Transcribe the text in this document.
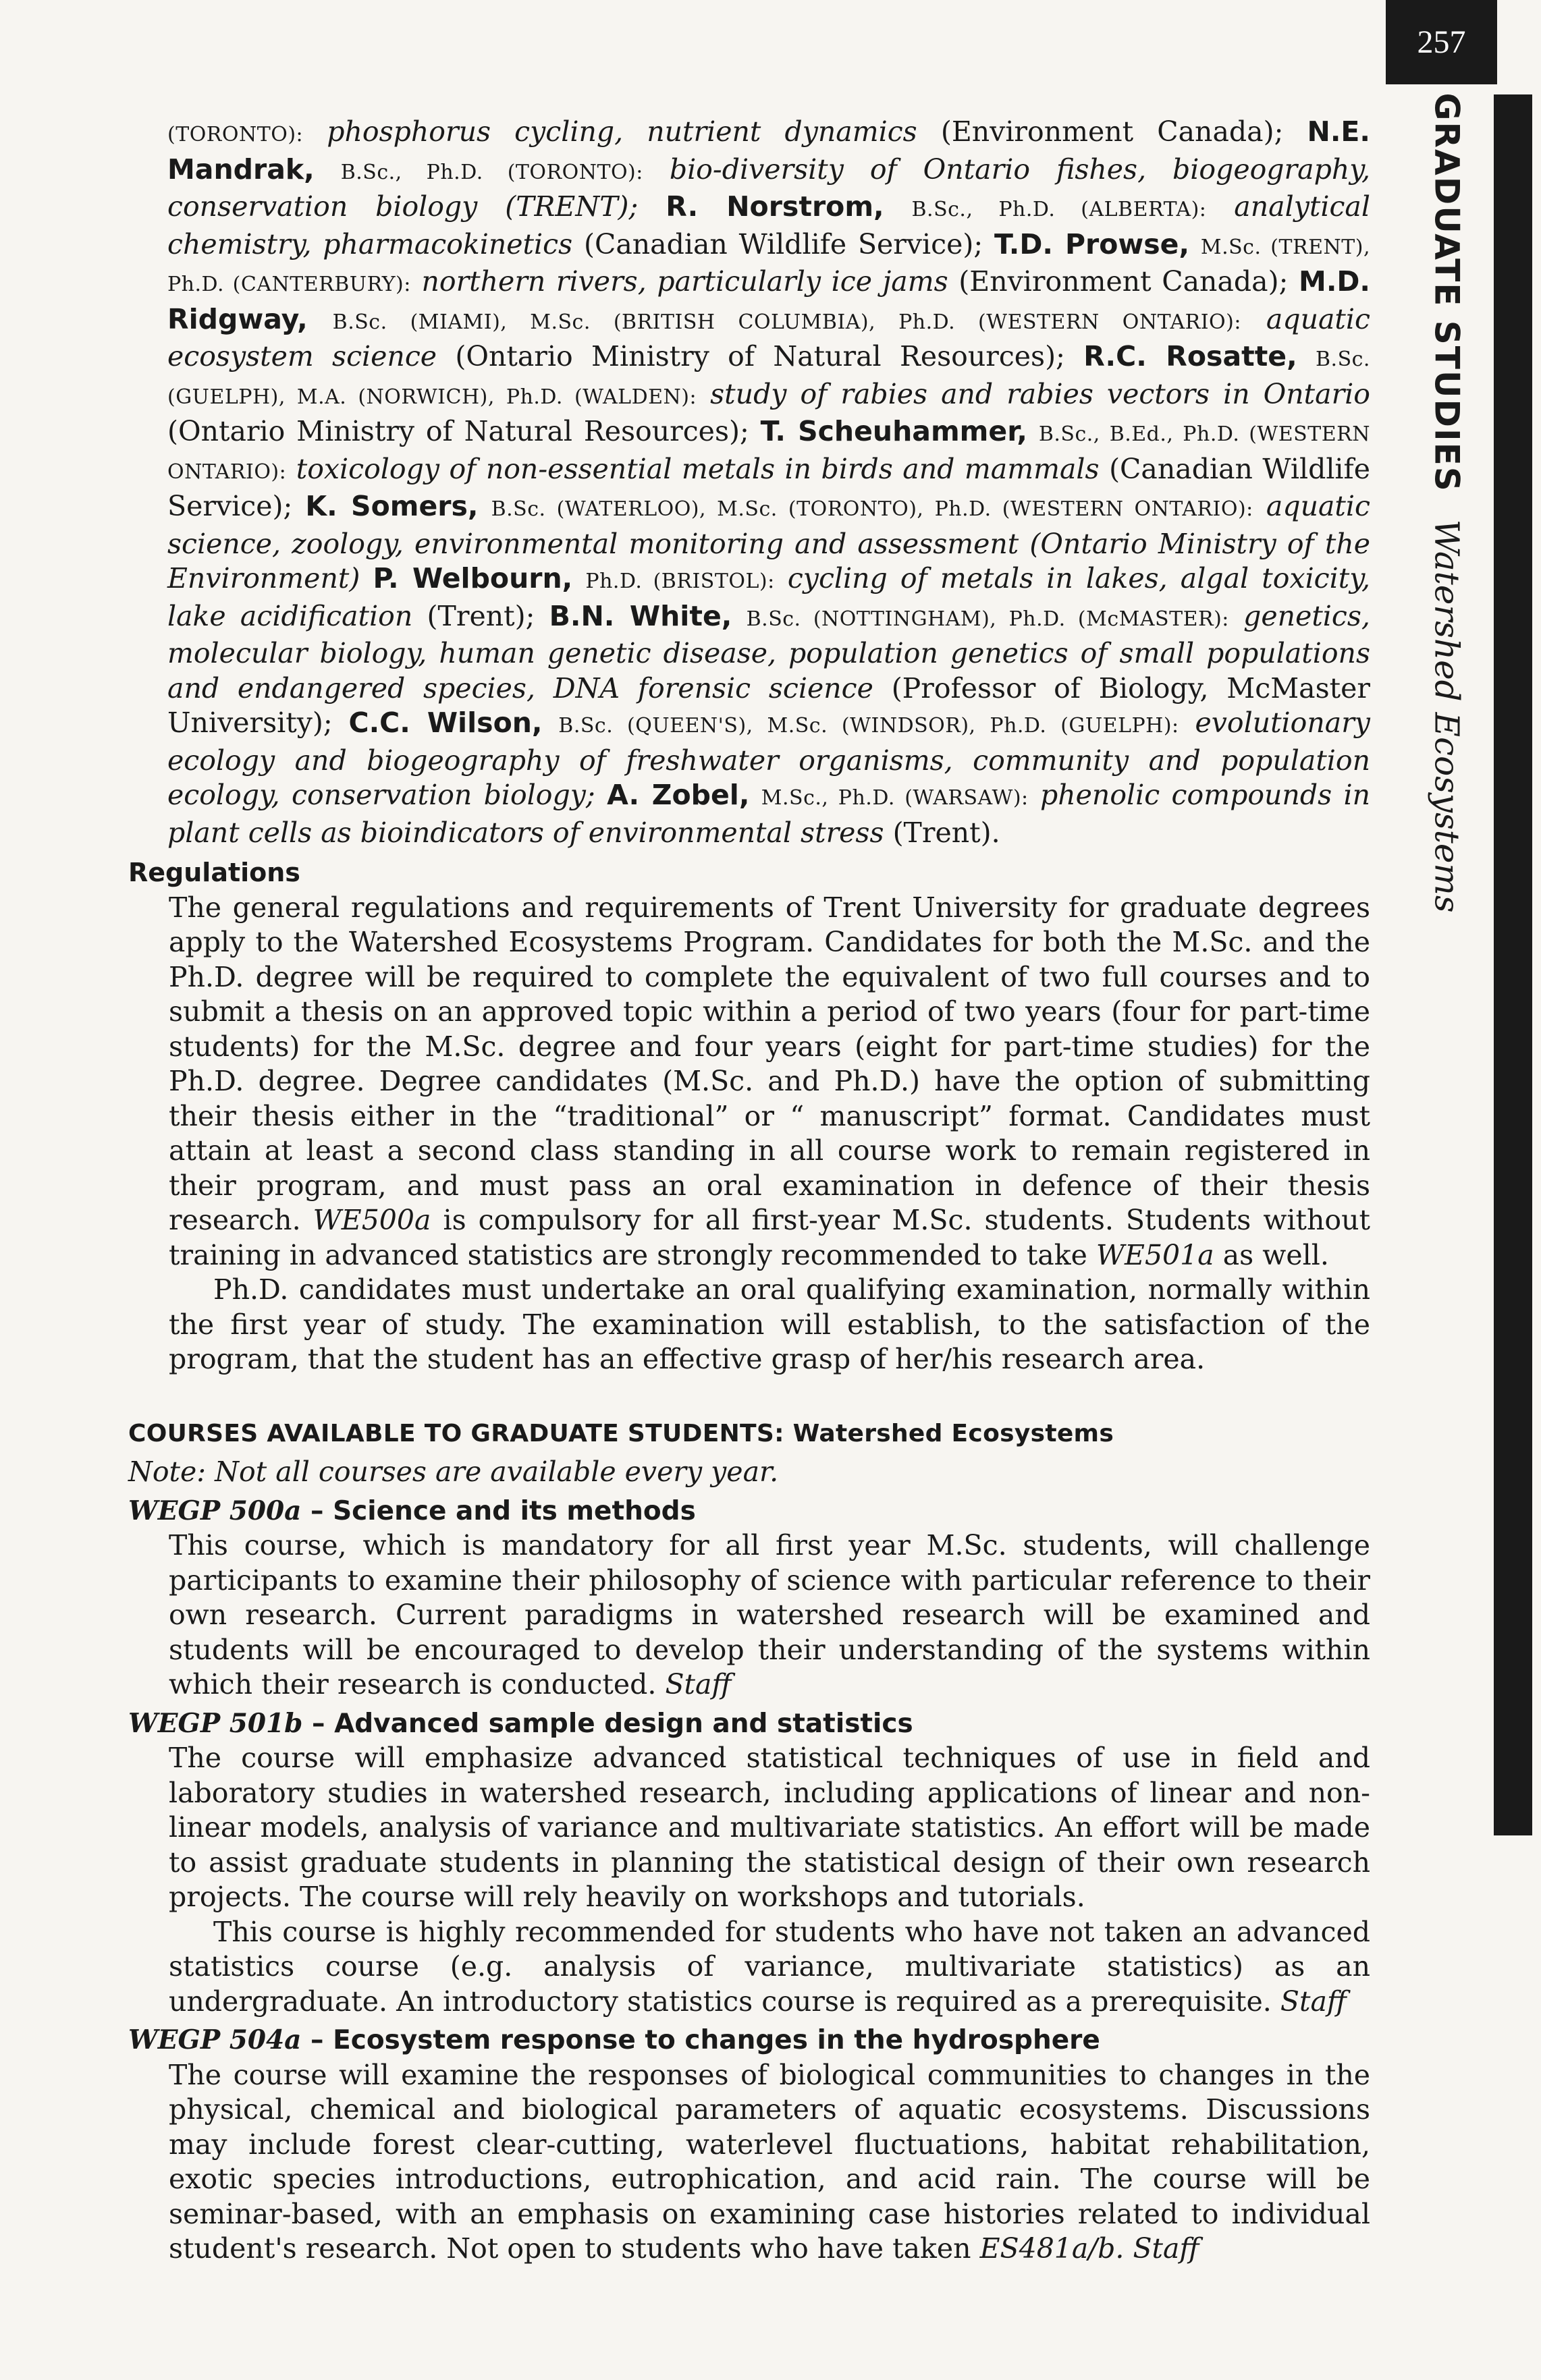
257
GRADUATE STUDIESWatershed Ecosystems

(TORONTO): phosphorus cycling, nutrient dynamics (Environment Canada); N.E. Mandrak, B.Sc., Ph.D. (TORONTO): bio-diversity of Ontario fishes, biogeography, conservation biology (TRENT); R. Norstrom, B.Sc., Ph.D. (ALBERTA): analytical chemistry, pharmacokinetics (Canadian Wildlife Service); T.D. Prowse, M.Sc. (TRENT), Ph.D. (CANTERBURY): northern rivers, particularly ice jams (Environment Canada); M.D. Ridgway, B.Sc. (MIAMI), M.Sc. (BRITISH COLUMBIA), Ph.D. (WESTERN ONTARIO): aquatic ecosystem science (Ontario Ministry of Natural Resources); R.C. Rosatte, B.Sc. (GUELPH), M.A. (NORWICH), Ph.D. (WALDEN): study of rabies and rabies vectors in Ontario (Ontario Ministry of Natural Resources); T. Scheuhammer, B.Sc., B.Ed., Ph.D. (WESTERN ONTARIO): toxicology of non-essential metals in birds and mammals (Canadian Wildlife Service); K. Somers, B.Sc. (WATERLOO), M.Sc. (TORONTO), Ph.D. (WESTERN ONTARIO): aquatic science, zoology, environmental monitoring and assessment (Ontario Ministry of the Environment) P. Welbourn, Ph.D. (BRISTOL): cycling of metals in lakes, algal toxicity, lake acidification (Trent); B.N. White, B.Sc. (NOTTINGHAM), Ph.D. (McMASTER): genetics, molecular biology, human genetic disease, population genetics of small populations and endangered species, DNA forensic science (Professor of Biology, McMaster University); C.C. Wilson, B.Sc. (QUEEN'S), M.Sc. (WINDSOR), Ph.D. (GUELPH): evolutionary ecology and biogeography of freshwater organisms, community and population ecology, conservation biology; A. Zobel, M.Sc., Ph.D. (WARSAW): phenolic compounds in plant cells as bioindicators of environmental stress (Trent).

Regulations

The general regulations and requirements of Trent University for graduate degrees apply to the Watershed Ecosystems Program. Candidates for both the M.Sc. and the Ph.D. degree will be required to complete the equivalent of two full courses and to submit a thesis on an approved topic within a period of two years (four for part-time students) for the M.Sc. degree and four years (eight for part-time studies) for the Ph.D. degree. Degree candidates (M.Sc. and Ph.D.) have the option of submitting their thesis either in the “traditional” or “ manuscript” format. Candidates must attain at least a second class standing in all course work to remain registered in their program, and must pass an oral examination in defence of their thesis research. WE500a is compulsory for all first-year M.Sc. students. Students without training in advanced statistics are strongly recommended to take WE501a as well.

Ph.D. candidates must undertake an oral qualifying examination, normally within the first year of study. The examination will establish, to the satisfaction of the program, that the student has an effective grasp of her/his research area.

COURSES AVAILABLE TO GRADUATE STUDENTS: Watershed Ecosystems
Note: Not all courses are available every year.
WEGP 500a – Science and its methods

This course, which is mandatory for all first year M.Sc. students, will challenge participants to examine their philosophy of science with particular reference to their own research. Current paradigms in watershed research will be examined and students will be encouraged to develop their understanding of the systems within which their research is conducted. Staff

WEGP 501b – Advanced sample design and statistics

The course will emphasize advanced statistical techniques of use in field and laboratory studies in watershed research, including applications of linear and non-linear models, analysis of variance and multivariate statistics. An effort will be made to assist graduate students in planning the statistical design of their own research projects. The course will rely heavily on workshops and tutorials.

This course is highly recommended for students who have not taken an advanced statistics course (e.g. analysis of variance, multivariate statistics) as an undergraduate. An introductory statistics course is required as a prerequisite. Staff

WEGP 504a – Ecosystem response to changes in the hydrosphere

The course will examine the responses of biological communities to changes in the physical, chemical and biological parameters of aquatic ecosystems. Discussions may include forest clear-cutting, waterlevel fluctuations, habitat rehabilitation, exotic species introductions, eutrophication, and acid rain. The course will be seminar-based, with an emphasis on examining case histories related to individual student's research. Not open to students who have taken ES481a/b. Staff
